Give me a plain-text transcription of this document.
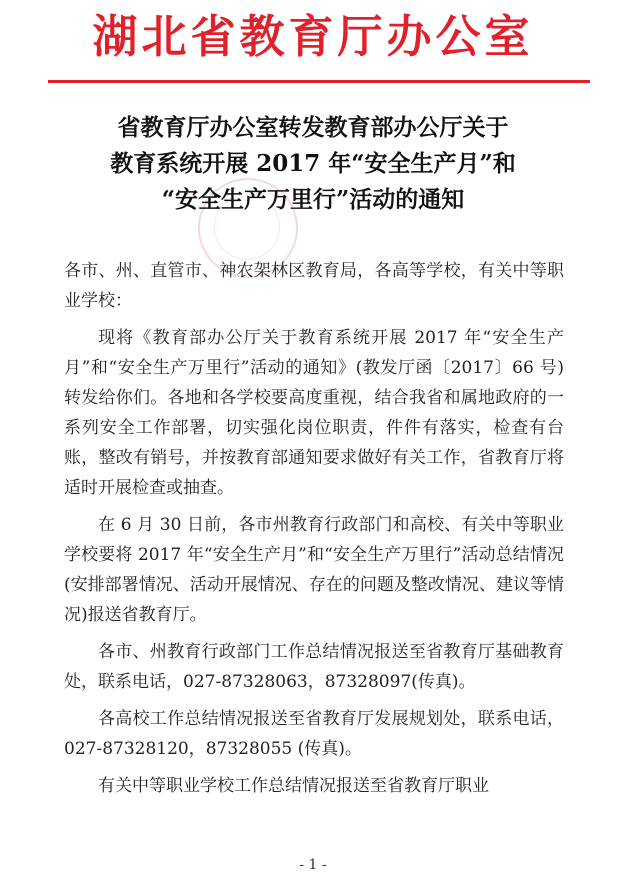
湖北省教育厅办公室
省教育厅办公室转发教育部办公厅关于
教育系统开展 2017 年“安全生产月”和
“安全生产万里行”活动的通知

各市、州、直管市、神农架林区教育局，各高等学校，有关中等职业学校：

现将《教育部办公厅关于教育系统开展 2017 年“安全生产月”和“安全生产万里行”活动的通知》(教发厅函〔2017〕66 号) 转发给你们。各地和各学校要高度重视，结合我省和属地政府的一系列安全工作部署，切实强化岗位职责，件件有落实，检查有台账，整改有销号，并按教育部通知要求做好有关工作，省教育厅将适时开展检查或抽查。

在 6 月 30 日前，各市州教育行政部门和高校、有关中等职业学校要将 2017 年“安全生产月”和“安全生产万里行”活动总结情况(安排部署情况、活动开展情况、存在的问题及整改情况、建议等情况)报送省教育厅。

各市、州教育行政部门工作总结情况报送至省教育厅基础教育处，联系电话，027-87328063，87328097(传真)。

各高校工作总结情况报送至省教育厅发展规划处，联系电话，027-87328120，87328055 (传真)。

有关中等职业学校工作总结情况报送至省教育厅职业

- 1 -
